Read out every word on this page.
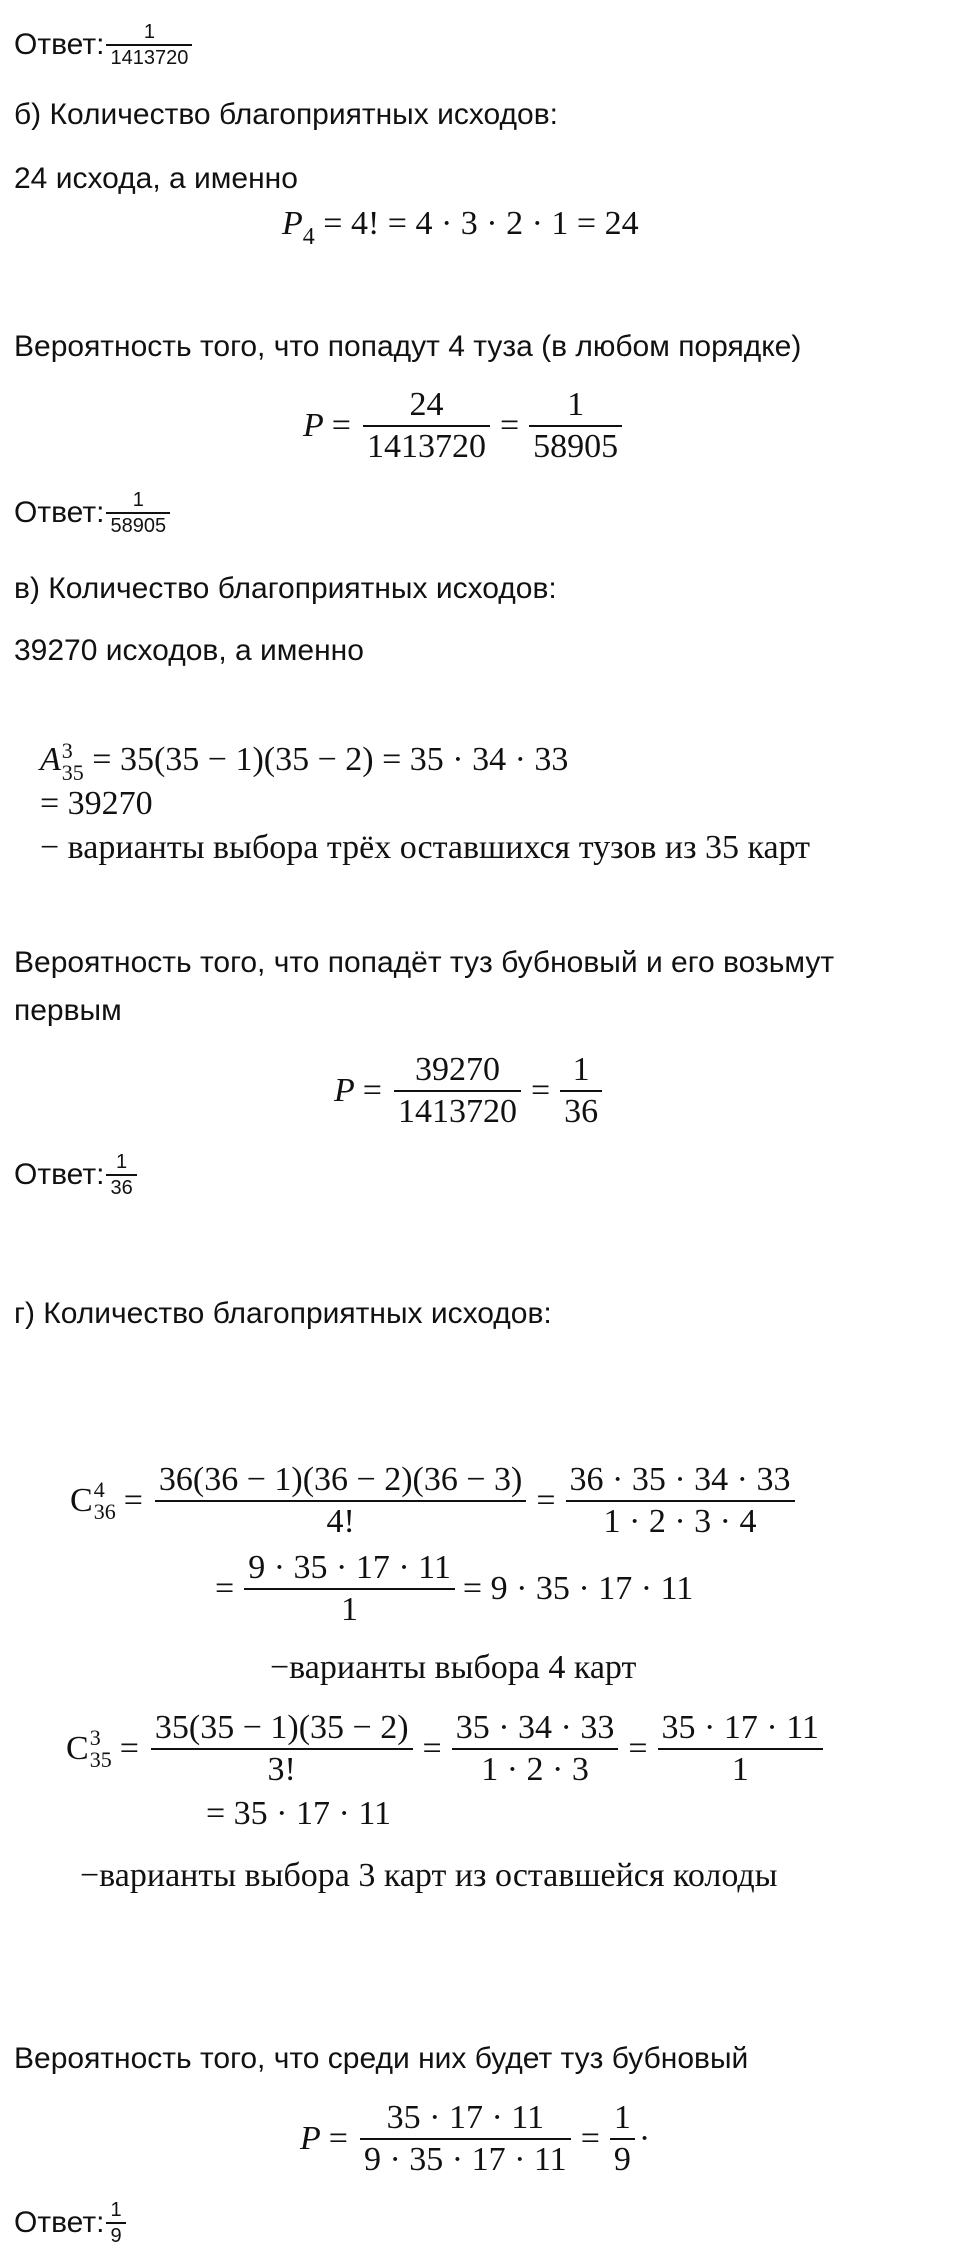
Ответ: $\frac{1}{1413720}$
б) Количество благоприятных исходов:
24 исхода, а именно
$P_4 = 4$! = 4 · 3 · 2 · 1 = 24
Вероятность того, что попадут 4 туза (в любом порядке)
$P = \frac{24}{1413720} = \frac{1}{58905}$
Ответ: $\frac{1}{58905}$
в) Количество благоприятных исходов:
39270 исходов, а именно
A 3
35 = 35(35 − 1)(35 − 2) = 35 · 34 · 33
= 39270
− варианты выбора трёх оставшихся тузов из 35 карт
Вероятность того, что попадёт туз бубновый и его возьмут
первым
$P = \frac{39270}{1413720} = \frac{1}{36}$
Ответ: $\frac{1}{36}$
г) Количество благоприятных исходов:
C 4
$36 = \frac{36(36 - 1)(36 - 2)(36 - 3)}{4!} = \frac{36 \cdot 35 \cdot 34 \cdot 33}{1 \cdot 2 \cdot 3 \cdot 4}$
= $\frac{9 \cdot 35 \cdot 17 \cdot 11}{1} = 9 \cdot 35 \cdot 17 \cdot 11$
−варианты выбора 4 карт
C 3
$35 = \frac{35(35 - 1)(35 - 2)}{3!} = \frac{35 \cdot 34 \cdot 33}{1 \cdot 2 \cdot 3} = \frac{35 \cdot 17 \cdot 11}{1}$
= 35 · 17 · 11
−варианты выбора 3 карт из оставшейся колоды
Вероятность того, что среди них будет туз бубновый
$P = \frac{35 \cdot 17 \cdot 11}{9 \cdot 35 \cdot 17 \cdot 11} = \frac{1}{9}$ ·
Ответ: $\frac{1}{9}$
